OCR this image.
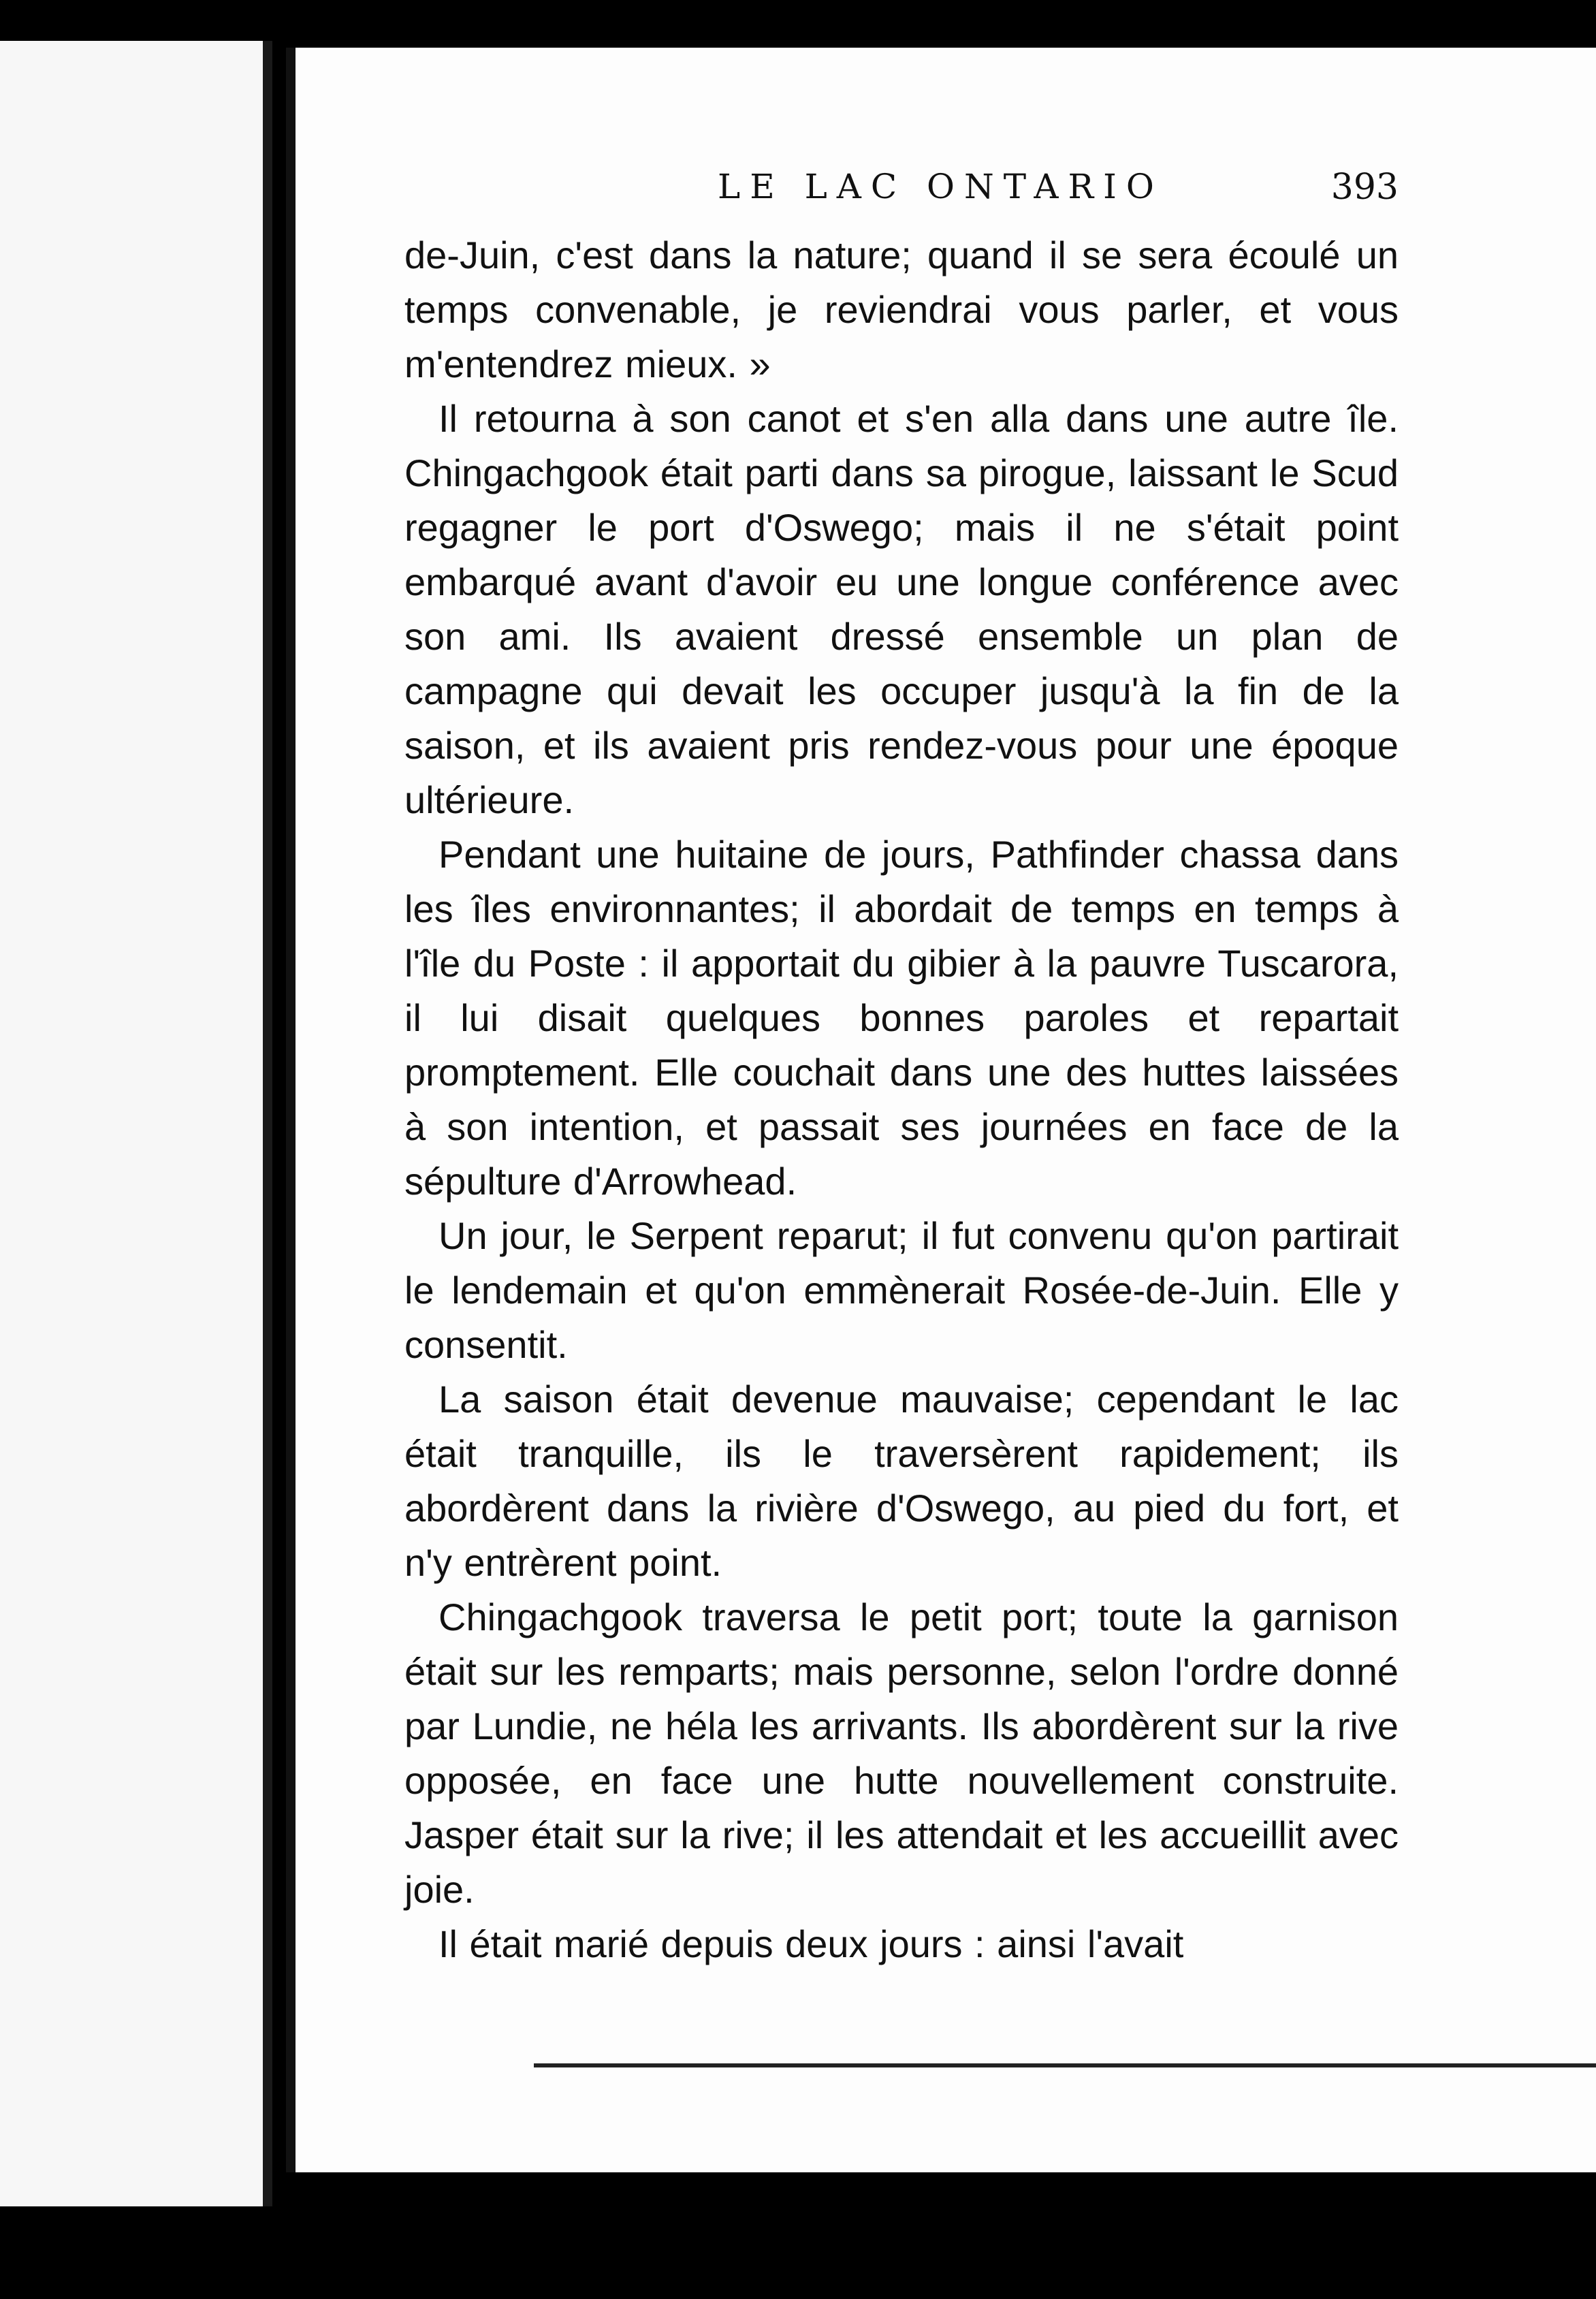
LE LAC ONTARIO	393

de-Juin, c'est dans la nature; quand il se sera écoulé un temps convenable, je reviendrai vous parler, et vous m'entendrez mieux. »

Il retourna à son canot et s'en alla dans une autre île. Chingachgook était parti dans sa pirogue, laissant le Scud regagner le port d'Oswego; mais il ne s'était point embarqué avant d'avoir eu une longue conférence avec son ami. Ils avaient dressé ensemble un plan de campagne qui devait les occuper jusqu'à la fin de la saison, et ils avaient pris rendez-vous pour une époque ultérieure.

Pendant une huitaine de jours, Pathfinder chassa dans les îles environnantes; il abordait de temps en temps à l'île du Poste : il apportait du gibier à la pauvre Tuscarora, il lui disait quelques bonnes paroles et repartait promptement. Elle couchait dans une des huttes laissées à son intention, et passait ses journées en face de la sépulture d'Arrowhead.

Un jour, le Serpent reparut; il fut convenu qu'on partirait le lendemain et qu'on emmènerait Rosée-de-Juin. Elle y consentit.

La saison était devenue mauvaise; cependant le lac était tranquille, ils le traversèrent rapidement; ils abordèrent dans la rivière d'Oswego, au pied du fort, et n'y entrèrent point.

Chingachgook traversa le petit port; toute la garnison était sur les remparts; mais personne, selon l'ordre donné par Lundie, ne héla les arrivants. Ils abordèrent sur la rive opposée, en face une hutte nouvellement construite. Jasper était sur la rive; il les attendait et les accueillit avec joie.

Il était marié depuis deux jours : ainsi l'avait
